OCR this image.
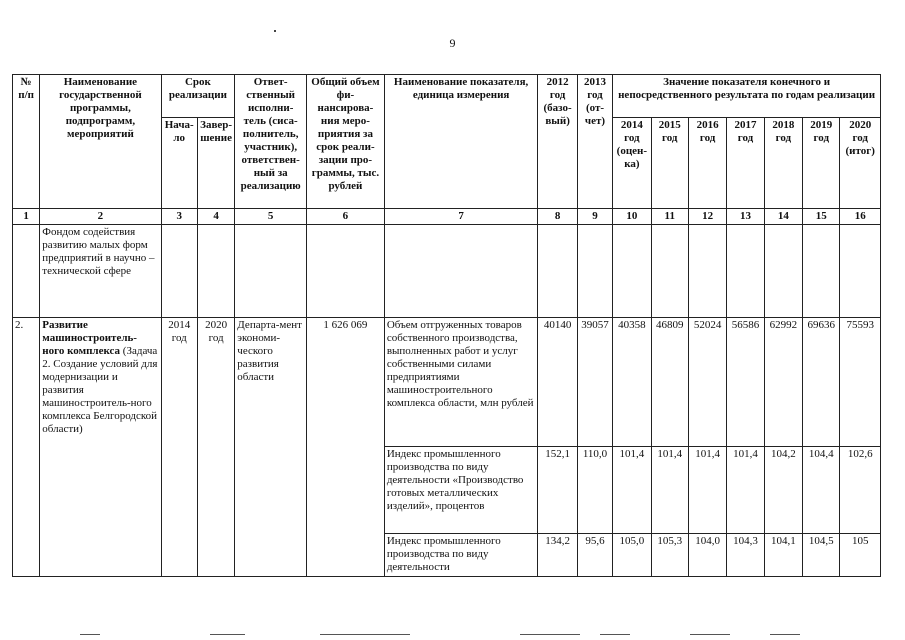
9
№ п/п	Наименование государственной программы, подпрограмм, мероприятий	Срок реализации		Ответ-ственный исполни-тель (сиса-полнитель, участник), ответствен-ный за реализацию	Общий объем фи-нансирова-ния меро-приятия за срок реали-зации про-граммы, тыс. рублей	Наименование показателя, единица измерения	2012 год (базо-вый)	2013 год (от-чет)	Значение показателя конечного и непосредственного результата по годам реализации						
		Нача-ло	Завер-шение						2014 год (оцен-ка)	2015 год	2016 год	2017 год	2018 год	2019 год	2020 год (итог)
1	2	3	4	5	6	7	8	9	10	11	12	13	14	15	16
	Фондом содействия развитию малых форм предприятий в научно – технической сфере														
2.	Развитие машиностроитель-ного комплекса (Задача 2. Создание условий для модернизации и развития машиностроитель-ного комплекса Белгородской области)	2014 год	2020 год	Департа-мент экономи-ческого развития области	1 626 069	Объем отгруженных товаров собственного производства, выполненных работ и услуг собственными силами предприятиями машиностроительного комплекса области, млн рублей	40140	39057	40358	46809	52024	56586	62992	69636	75593
						Индекс промышленного производства по виду деятельности «Производство готовых металлических изделий», процентов	152,1	110,0	101,4	101,4	101,4	101,4	104,2	104,4	102,6
						Индекс промышленного производства по виду деятельности	134,2	95,6	105,0	105,3	104,0	104,3	104,1	104,5	105
